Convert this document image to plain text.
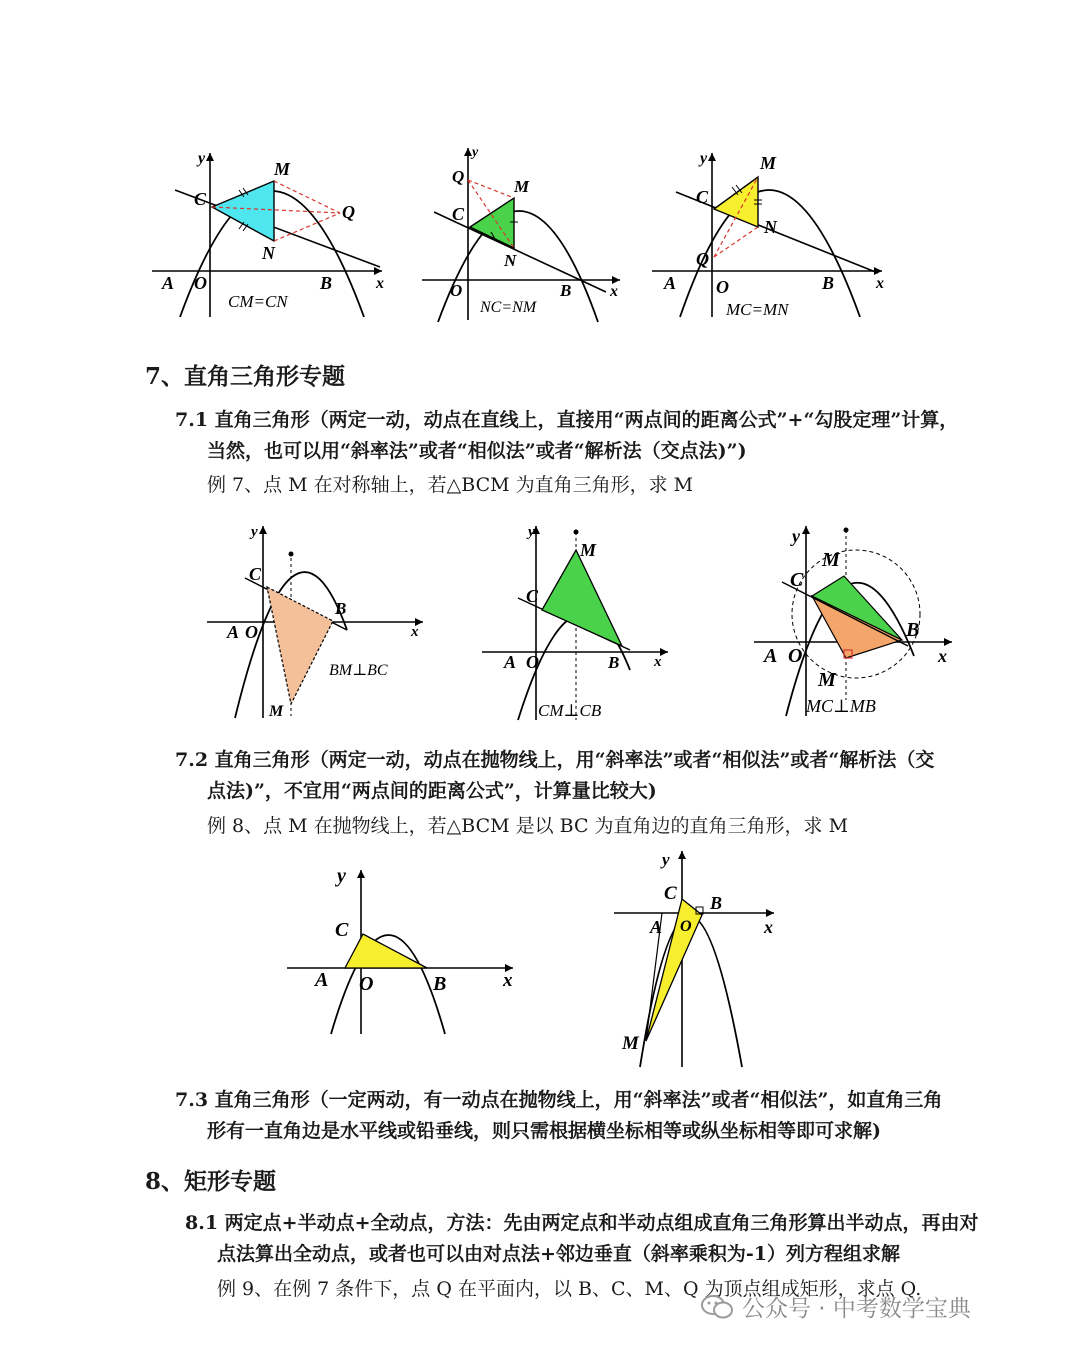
y
x
C
M
N
Q
A O	B
CM=CN
y
x
C
M
N
Q
O	B
NC=NM
y
x
C
M
N
Q
A O	B
MC=MN
7、直角三角形专题
7.1 直角三角形（两定一动，动点在直线上，直接用“两点间的距离公式”+“勾股定理”计算，
当然，也可以用“斜率法”或者“相似法”或者“解析法（交点法)”)
例 7、点 M 在对称轴上，若△BCM 为直角三角形，求 M
y
x
C
A O
B
M
BM⊥BC
y
x
C
M
A O	B
CM⊥CB
y
x
C
M
A O
B
M
MC⊥MB
7.2 直角三角形（两定一动，动点在抛物线上，用“斜率法”或者“相似法”或者“解析法（交
点法)”，不宜用“两点间的距离公式”，计算量比较大)
例 8、点 M 在抛物线上，若△BCM 是以 BC 为直角边的直角三角形，求 M
y
x
C
A O	B
y
x
C B
A O
M
7.3 直角三角形（一定两动，有一动点在抛物线上，用“斜率法”或者“相似法”，如直角三角
形有一直角边是水平线或铅垂线，则只需根据横坐标相等或纵坐标相等即可求解)
8、矩形专题
8.1 两定点+半动点+全动点，方法：先由两定点和半动点组成直角三角形算出半动点，再由对
点法算出全动点，或者也可以由对点法+邻边垂直（斜率乘积为-1）列方程组求解
例 9、在例 7 条件下，点 Q 在平面内，以 B、C、M、Q 为顶点组成矩形，求点 Q.
公众号 · 中考数学宝典
